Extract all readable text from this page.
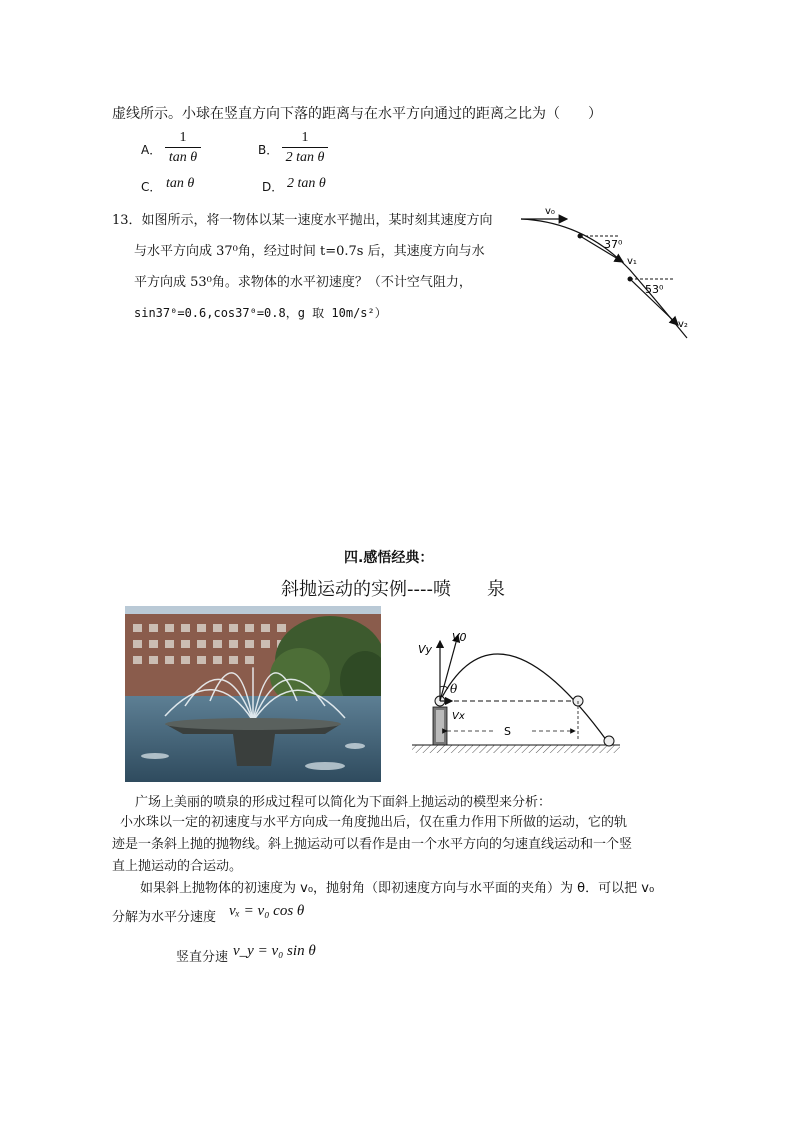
虚线所示。小球在竖直方向下落的距离与在水平方向通过的距离之比为（　　）
A．
1
tan θ	B．
1
2 tan θ
C． tan θ	D． 2 tan θ
13．如图所示，将一物体以某一速度水平抛出，某时刻其速度方向
与水平方向成 37⁰角，经过时间 t=0.7s 后，其速度方向与水
平方向成 53⁰角。求物体的水平初速度？（不计空气阻力，
sin37⁰=0.6,cos37⁰=0.8，g 取 10m/s²）
v₀
37⁰
v₁
53⁰
v₂
四.感悟经典：
斜抛运动的实例----喷　　泉
Vy
V0
θ
Vx
S
广场上美丽的喷泉的形成过程可以简化为下面斜上抛运动的模型来分析：
小水珠以一定的初速度与水平方向成一角度抛出后，仅在重力作用下所做的运动，它的轨
迹是一条斜上抛的抛物线。斜上抛运动可以看作是由一个水平方向的匀速直线运动和一个竖
直上抛运动的合运动。
如果斜上抛物体的初速度为 v₀，抛射角（即初速度方向与水平面的夹角）为 θ．可以把 v₀
分解为水平分速度 vₓ = v₀ cos θ
竖直分速 v_y = v₀ sin θ
